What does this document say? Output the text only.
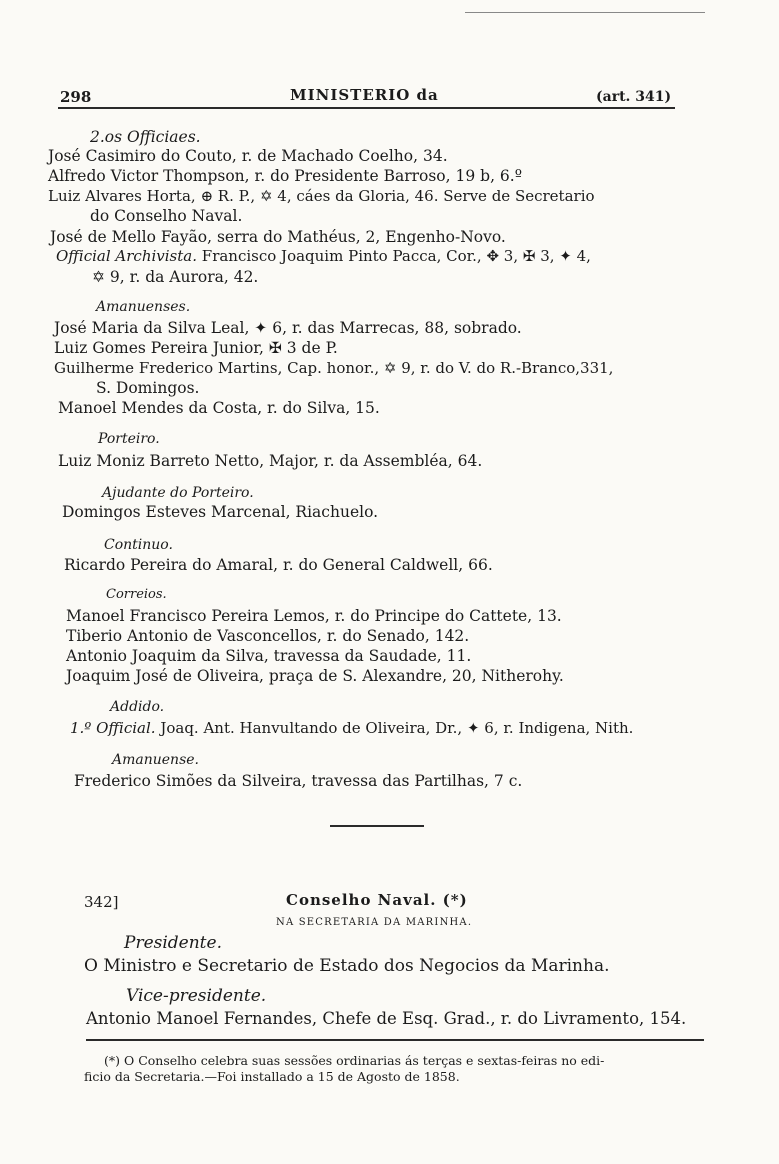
298	MINISTERIO da	(art. 341)
2.os Officiaes.
José Casimiro do Couto, r. de Machado Coelho, 34.
Alfredo Victor Thompson, r. do Presidente Barroso, 19 b, 6.º
Luiz Alvares Horta, ⊕ R. P., ✡ 4, cáes da Gloria, 46. Serve de Secretario
do Conselho Naval.
José de Mello Fayão, serra do Mathéus, 2, Engenho-Novo.
Official Archivista. Francisco Joaquim Pinto Pacca, Cor., ✥ 3, ✠ 3, ✦ 4,
✡ 9, r. da Aurora, 42.
Amanuenses.
José Maria da Silva Leal, ✦ 6, r. das Marrecas, 88, sobrado.
Luiz Gomes Pereira Junior, ✠ 3 de P.
Guilherme Frederico Martins, Cap. honor., ✡ 9, r. do V. do R.-Branco,331,
S. Domingos.
Manoel Mendes da Costa, r. do Silva, 15.
Porteiro.
Luiz Moniz Barreto Netto, Major, r. da Assembléa, 64.
Ajudante do Porteiro.
Domingos Esteves Marcenal, Riachuelo.
Continuo.
Ricardo Pereira do Amaral, r. do General Caldwell, 66.
Correios.
Manoel Francisco Pereira Lemos, r. do Principe do Cattete, 13.
Tiberio Antonio de Vasconcellos, r. do Senado, 142.
Antonio Joaquim da Silva, travessa da Saudade, 11.
Joaquim José de Oliveira, praça de S. Alexandre, 20, Nitherohy.
Addido.
1.º Official. Joaq. Ant. Hanvultando de Oliveira, Dr., ✦ 6, r. Indigena, Nith.
Amanuense.
Frederico Simões da Silveira, travessa das Partilhas, 7 c.
342]	Conselho Naval. (*)
NA SECRETARIA DA MARINHA.
Presidente.
O Ministro e Secretario de Estado dos Negocios da Marinha.
Vice-presidente.
Antonio Manoel Fernandes, Chefe de Esq. Grad., r. do Livramento, 154.
(*) O Conselho celebra suas sessões ordinarias ás terças e sextas-feiras no edi-
ficio da Secretaria.—Foi installado a 15 de Agosto de 1858.
